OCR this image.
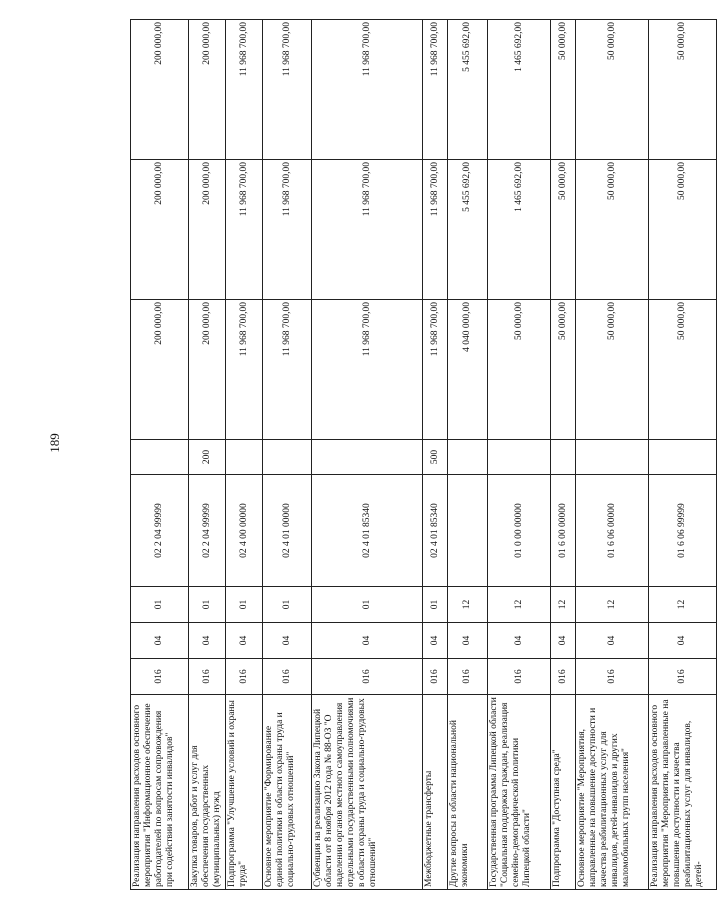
189
Реализация направления расходов основного мероприятия "Информационное обеспечение работодателей по вопросам сопровождения при содействии занятости инвалидов"	016	04	01	02 2 04 99999		200 000,00	200 000,00	200 000,00
Закупка товаров, работ и услуг для обеспечения государственных (муниципальных) нужд	016	04	01	02 2 04 99999	200	200 000,00	200 000,00	200 000,00
Подпрограмма "Улучшение условий и охраны труда"	016	04	01	02 4 00 00000		11 968 700,00	11 968 700,00	11 968 700,00
Основное мероприятие "Формирование единой политики в области охраны труда и социально-трудовых отношений"	016	04	01	02 4 01 00000		11 968 700,00	11 968 700,00	11 968 700,00
Субвенция на реализацию Закона Липецкой области от 8 ноября 2012 года № 88-ОЗ "О наделении органов местного самоуправления отдельными государственными полномочиями в области охраны труда и социально-трудовых отношений"	016	04	01	02 4 01 85340		11 968 700,00	11 968 700,00	11 968 700,00
Межбюджетные трансферты	016	04	01	02 4 01 85340	500	11 968 700,00	11 968 700,00	11 968 700,00
Другие вопросы в области национальной экономики	016	04	12			4 040 000,00	5 455 692,00	5 455 692,00
Государственная программа Липецкой области "Социальная поддержка граждан, реализация семейно-демографической политики Липецкой области"	016	04	12	01 0 00 00000		50 000,00	1 465 692,00	1 465 692,00
Подпрограмма "Доступная среда"	016	04	12	01 6 00 00000		50 000,00	50 000,00	50 000,00
Основное мероприятие "Мероприятия, направленные на повышение доступности и качества реабилитационных услуг для инвалидов, детей-инвалидов и других маломобильных групп населения"	016	04	12	01 6 06 00000		50 000,00	50 000,00	50 000,00
Реализация направления расходов основного мероприятия "Мероприятия, направленные на повышение доступности и качества реабилитационных услуг для инвалидов, детей-	016	04	12	01 6 06 99999		50 000,00	50 000,00	50 000,00
